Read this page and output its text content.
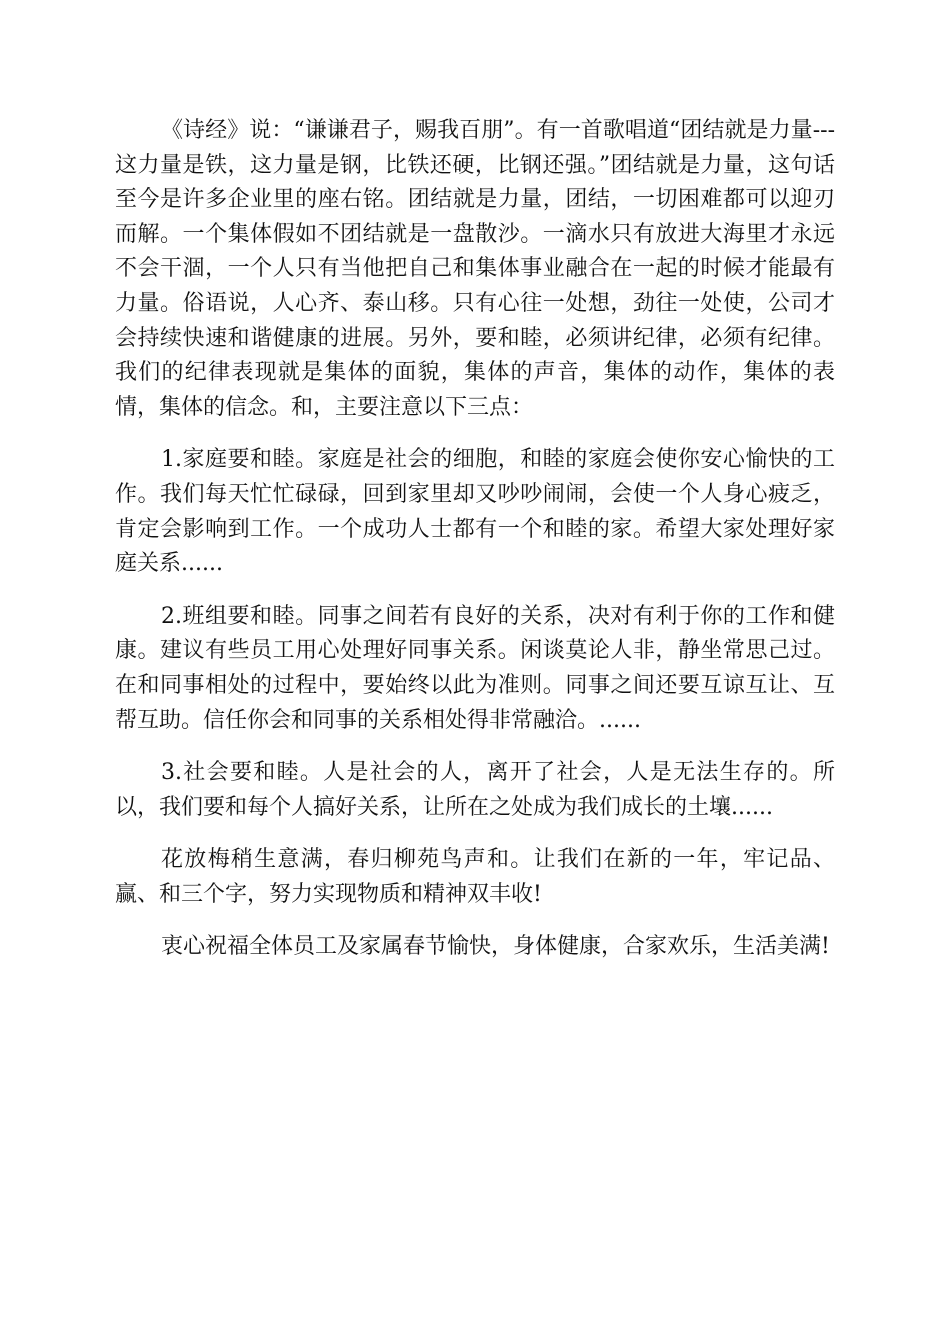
《诗经》说：“谦谦君子，赐我百朋”。有一首歌唱道“团结就是力量---这力量是铁，这力量是钢，比铁还硬，比钢还强。”团结就是力量，这句话至今是许多企业里的座右铭。团结就是力量，团结，一切困难都可以迎刃而解。一个集体假如不团结就是一盘散沙。一滴水只有放进大海里才永远不会干涸，一个人只有当他把自己和集体事业融合在一起的时候才能最有力量。俗语说，人心齐、泰山移。只有心往一处想，劲往一处使，公司才会持续快速和谐健康的进展。另外，要和睦，必须讲纪律，必须有纪律。我们的纪律表现就是集体的面貌，集体的声音，集体的动作，集体的表情，集体的信念。和，主要注意以下三点：

1.家庭要和睦。家庭是社会的细胞，和睦的家庭会使你安心愉快的工作。我们每天忙忙碌碌，回到家里却又吵吵闹闹，会使一个人身心疲乏，肯定会影响到工作。一个成功人士都有一个和睦的家。希望大家处理好家庭关系......

2.班组要和睦。同事之间若有良好的关系，决对有利于你的工作和健康。建议有些员工用心处理好同事关系。闲谈莫论人非，静坐常思己过。在和同事相处的过程中，要始终以此为准则。同事之间还要互谅互让、互帮互助。信任你会和同事的关系相处得非常融洽。......

3.社会要和睦。人是社会的人，离开了社会，人是无法生存的。所以，我们要和每个人搞好关系，让所在之处成为我们成长的土壤......

花放梅稍生意满，春归柳苑鸟声和。让我们在新的一年，牢记品、赢、和三个字，努力实现物质和精神双丰收!

衷心祝福全体员工及家属春节愉快，身体健康，合家欢乐，生活美满!
